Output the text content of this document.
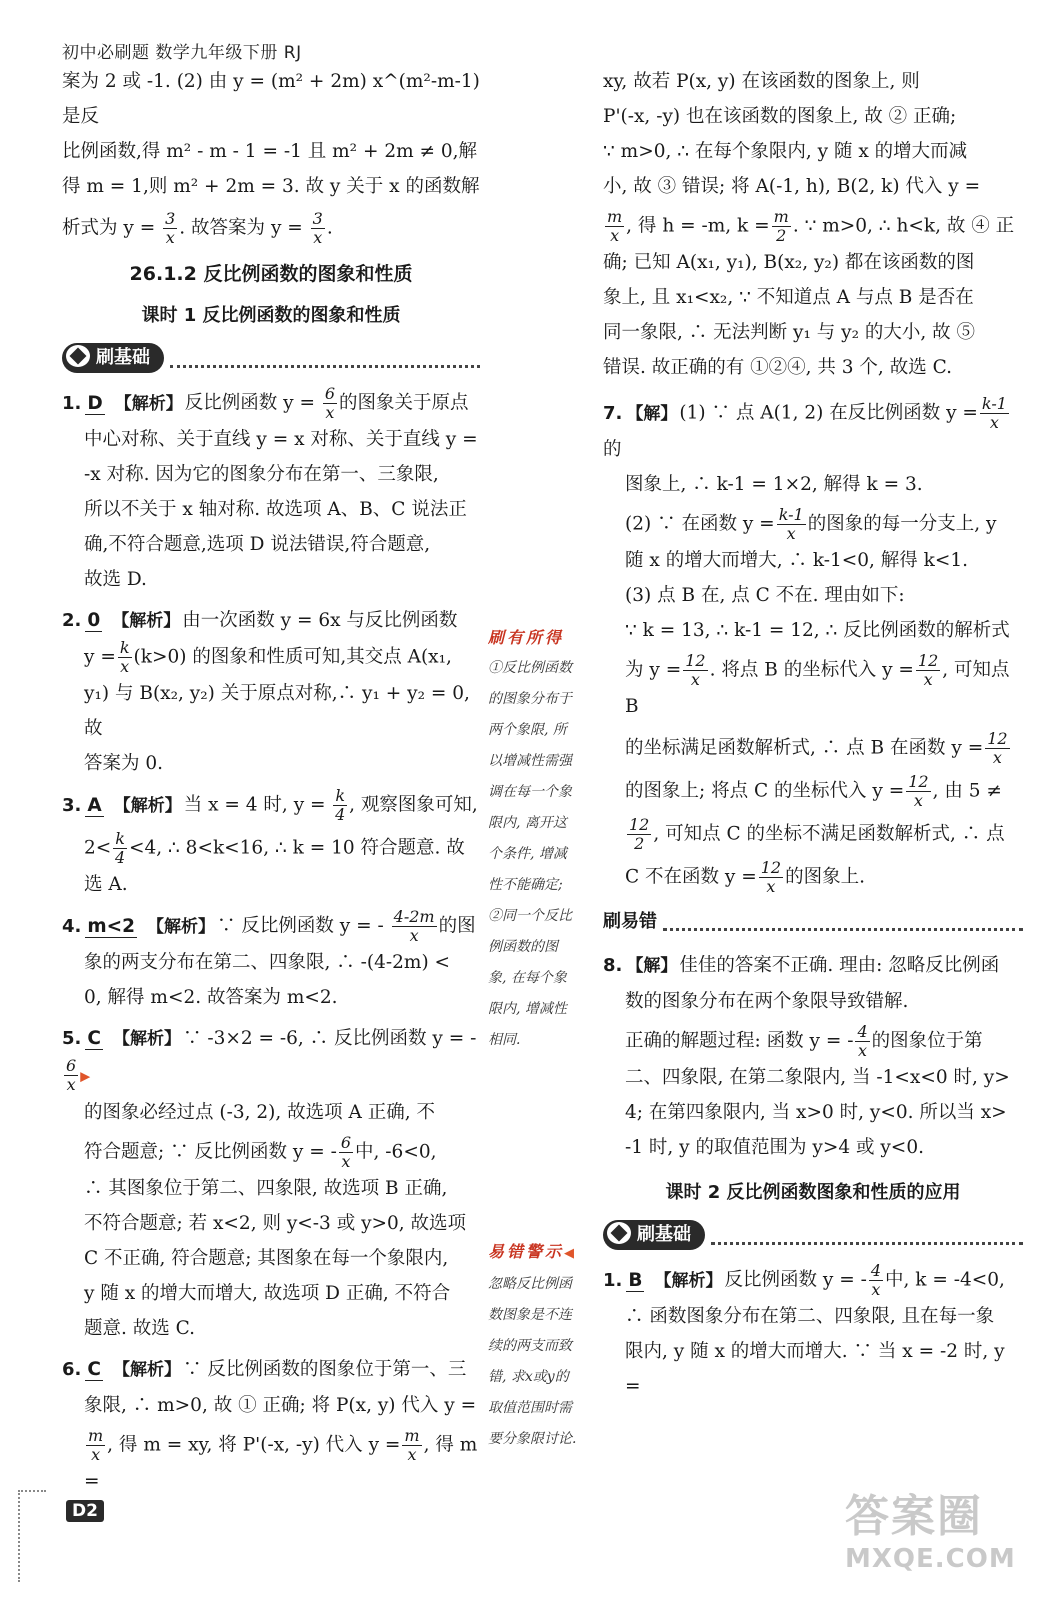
初中必刷题 数学九年级下册 RJ

案为 2 或 -1. (2) 由 y = (m² + 2m) x^(m²-m-1) 是反

比例函数,得 m² - m - 1 = -1 且 m² + 2m ≠ 0,解

得 m = 1,则 m² + 2m = 3. 故 y 关于 x 的函数解

析式为 $y = \frac{3}{x}$ . 故答案为 $y = \frac{3}{x}$ .

26.1.2 反比例函数的图象和性质
课时 1 反比例函数的图象和性质
刷基础

1. D 【解析】 反比例函数 $y = \frac{6}{x}$ 的图象关于原点

中心对称、关于直线 y = x 对称、关于直线 y =

-x 对称. 因为它的图象分布在第一、三象限,

所以不关于 x 轴对称. 故选项 A、B、C 说法正

确,不符合题意,选项 D 说法错误,符合题意,

故选 D.

2. 0 【解析】 由一次函数 y = 6x 与反比例函数

$y = \frac{k}{x} (k>0)$ 的图象和性质可知,其交点 A(x₁,

y₁) 与 B(x₂, y₂) 关于原点对称,∴ y₁ + y₂ = 0, 故

答案为 0.

3. A 【解析】 当 x = 4 时, $y = \frac{k}{4}$ , 观察图象可知,

$2< \frac{k}{4} <4$, ∴ 8<k<16, ∴ k = 10 符合题意. 故选 A.

4. m<2 【解析】 ∵ 反比例函数 y = - $\frac{4-2m}{x}$ 的图

象的两支分布在第二、四象限, ∴ -(4-2m) <

0, 解得 m<2. 故答案为 m<2.

5. C 【解析】 ∵ -3×2 = -6, ∴ 反比例函数 y = -
$\frac{6}{x}$ ▶

的图象必经过点 (-3, 2), 故选项 A 正确, 不

符合题意; ∵ 反比例函数 y = - $\frac{6}{x}$ 中, -6<0,

∴ 其图象位于第二、四象限, 故选项 B 正确,

不符合题意; 若 x<2, 则 y<-3 或 y>0, 故选项

C 不正确, 符合题意; 其图象在每一个象限内,

y 随 x 的增大而增大, 故选项 D 正确, 不符合

题意. 故选 C.

6. C 【解析】 ∵ 反比例函数的图象位于第一、三

象限, ∴ m>0, 故 ① 正确; 将 P(x, y) 代入 y =

$\frac{m}{x}$ , 得 m = xy, 将 P'(-x, -y) 代入 $y = \frac{m}{x}$ , 得 m =

刷有所得
①反比例函数
的图象分布于
两个象限, 所
以增减性需强
调在每一个象
限内, 离开这
个条件, 增减
性不能确定;
②同一个反比
例函数的图
象, 在每个象
限内, 增减性
相同.
易错警示◀
忽略反比例函
数图象是不连
续的两支而致
错, 求x或y的
取值范围时需
要分象限讨论.

xy, 故若 P(x, y) 在该函数的图象上, 则

P'(-x, -y) 也在该函数的图象上, 故 ② 正确;

∵ m>0, ∴ 在每个象限内, y 随 x 的增大而减

小, 故 ③ 错误; 将 A(-1, h), B(2, k) 代入 y =

$\frac{m}{x}$ , 得 h = -m, $k = \frac{m}{2}$ . ∵ m>0, ∴ h<k, 故 ④ 正

确; 已知 A(x₁, y₁), B(x₂, y₂) 都在该函数的图

象上, 且 x₁<x₂, ∵ 不知道点 A 与点 B 是否在

同一象限, ∴ 无法判断 y₁ 与 y₂ 的大小, 故 ⑤

错误. 故正确的有 ①②④, 共 3 个, 故选 C.

7. 【解】 (1) ∵ 点 A(1, 2) 在反比例函数 $y = \frac{k-1}{x}$
的

图象上, ∴ k-1 = 1×2, 解得 k = 3.

(2) ∵ 在函数 $y = \frac{k-1}{x}$ 的图象的每一分支上, y

随 x 的增大而增大, ∴ k-1<0, 解得 k<1.

(3) 点 B 在, 点 C 不在. 理由如下:

∵ k = 13, ∴ k-1 = 12, ∴ 反比例函数的解析式

为 $y = \frac{12}{x}$ . 将点 B 的坐标代入 $y = \frac{12}{x}$ , 可知点 B

的坐标满足函数解析式, ∴ 点 B 在函数 $y = \frac{12}{x}$

的图象上; 将点 C 的坐标代入 $y = \frac{12}{x}$ , 由 5 ≠

$\frac{12}{2}$ , 可知点 C 的坐标不满足函数解析式, ∴ 点

C 不在函数 $y = \frac{12}{x}$ 的图象上.

刷易错

8. 【解】 佳佳的答案不正确. 理由: 忽略反比例函

数的图象分布在两个象限导致错解.

正确的解题过程: 函数 y = - $\frac{4}{x}$ 的图象位于第

二、四象限, 在第二象限内, 当 -1<x<0 时, y>

4; 在第四象限内, 当 x>0 时, y<0. 所以当 x>

-1 时, y 的取值范围为 y>4 或 y<0.

课时 2 反比例函数图象和性质的应用
刷基础

1. B 【解析】 反比例函数 y = - $\frac{4}{x}$ 中, k = -4<0,

∴ 函数图象分布在第二、四象限, 且在每一象

限内, y 随 x 的增大而增大. ∵ 当 x = -2 时, y =

D2	答案圈
MXQE.COM
